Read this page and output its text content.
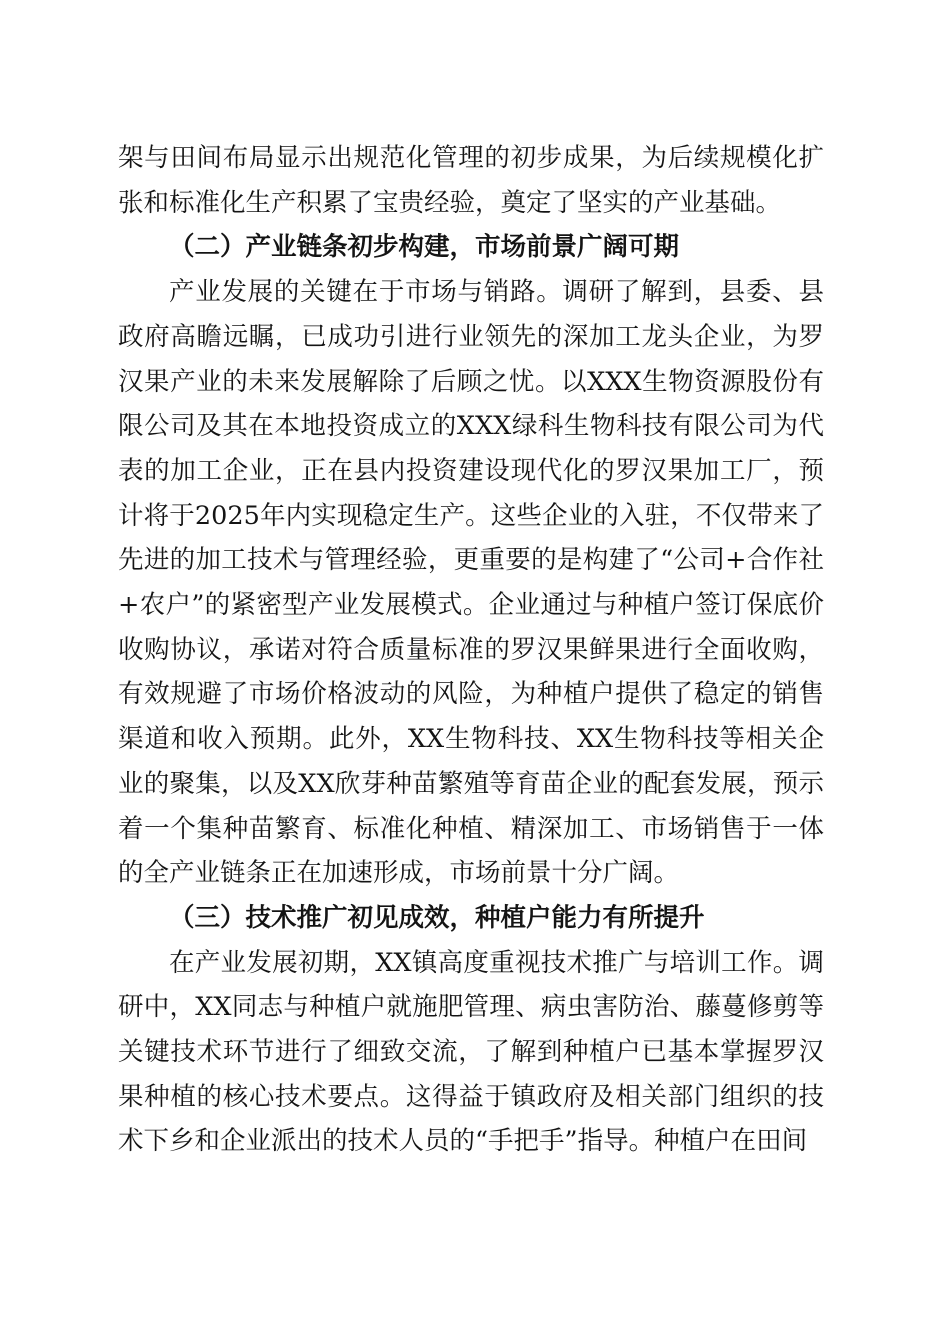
架与田间布局显示出规范化管理的初步成果，为后续规模化扩张和标准化生产积累了宝贵经验，奠定了坚实的产业基础。

（二）产业链条初步构建，市场前景广阔可期

产业发展的关键在于市场与销路。调研了解到，县委、县政府高瞻远瞩，已成功引进行业领先的深加工龙头企业，为罗汉果产业的未来发展解除了后顾之忧。以XXX生物资源股份有限公司及其在本地投资成立的XXX绿科生物科技有限公司为代表的加工企业，正在县内投资建设现代化的罗汉果加工厂，预计将于2025年内实现稳定生产。这些企业的入驻，不仅带来了先进的加工技术与管理经验，更重要的是构建了“公司+合作社+农户”的紧密型产业发展模式。企业通过与种植户签订保底价收购协议，承诺对符合质量标准的罗汉果鲜果进行全面收购，有效规避了市场价格波动的风险，为种植户提供了稳定的销售渠道和收入预期。此外，XX生物科技、XX生物科技等相关企业的聚集，以及XX欣芽种苗繁殖等育苗企业的配套发展，预示着一个集种苗繁育、标准化种植、精深加工、市场销售于一体的全产业链条正在加速形成，市场前景十分广阔。

（三）技术推广初见成效，种植户能力有所提升

在产业发展初期，XX镇高度重视技术推广与培训工作。调研中，XX同志与种植户就施肥管理、病虫害防治、藤蔓修剪等关键技术环节进行了细致交流，了解到种植户已基本掌握罗汉果种植的核心技术要点。这得益于镇政府及相关部门组织的技术下乡和企业派出的技术人员的“手把手”指导。种植户在田间
